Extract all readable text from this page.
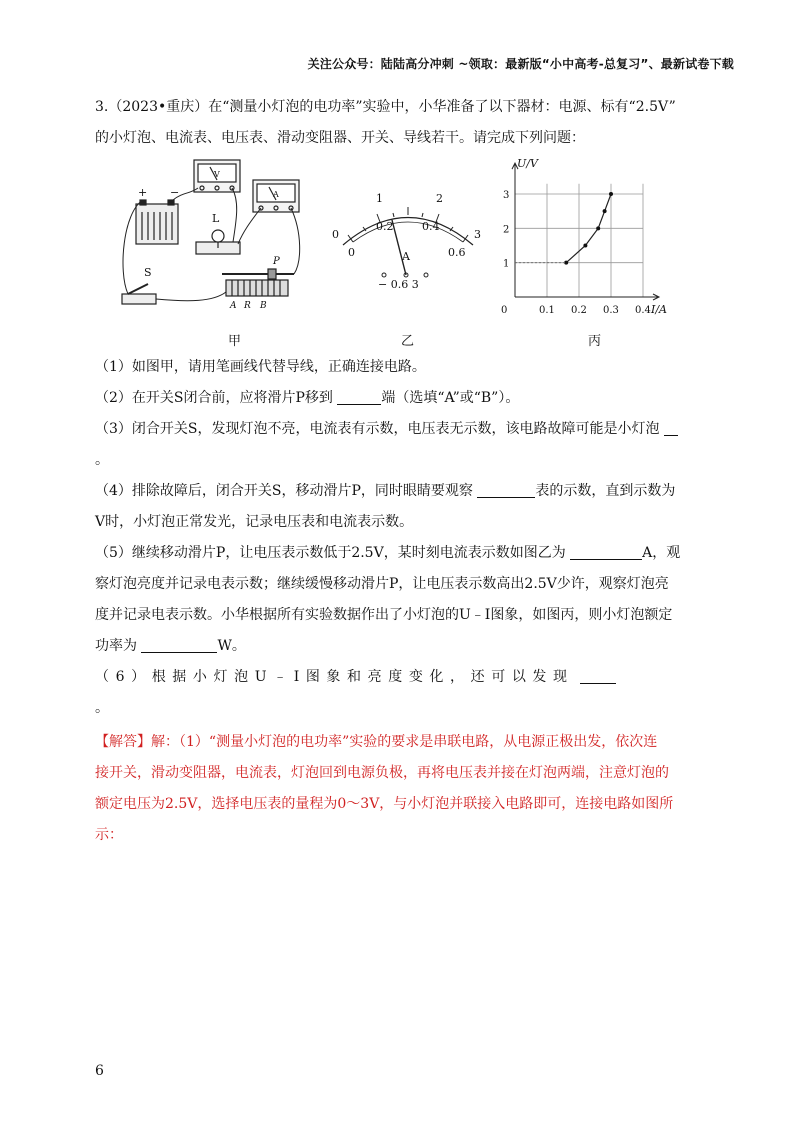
关注公众号：陆陆高分冲刺 ~领取：最新版“小中高考-总复习”、最新试卷下载
3.（2023•重庆）在“测量小灯泡的电功率”实验中，小华准备了以下器材：电源、标有“2.5V”
的小灯泡、电流表、电压表、滑动变阻器、开关、导线若干。请完成下列问题：
+ −
V
A
L
P
A R B
S
0
1	2
3
0
0.2	0.4
0.6
A
− 0.6 3
0	0.1 0.2 0.3 0.4
1
2
3
U/V
I/A
甲	乙	丙
（1）如图甲，请用笔画线代替导线，正确连接电路。
（2）在开关S闭合前，应将滑片P移到	端（选填“A”或“B”）。
（3）闭合开关S，发现灯泡不亮，电流表有示数，电压表无示数，该电路故障可能是小灯泡
。
（4）排除故障后，闭合开关S，移动滑片P，同时眼睛要观察	表的示数，直到示数为
V时，小灯泡正常发光，记录电压表和电流表示数。
（5）继续移动滑片P，让电压表示数低于2.5V，某时刻电流表示数如图乙为	A，观
察灯泡亮度并记录电表示数；继续缓慢移动滑片P，让电压表示数高出2.5V少许，观察灯泡亮
度并记录电表示数。小华根据所有实验数据作出了小灯泡的U﹣I图象，如图丙，则小灯泡额定
功率为	W。
（6）根据小灯泡U﹣I图象和亮度变化，还可以发现
。
【解答】解：（1）“测量小灯泡的电功率”实验的要求是串联电路，从电源正极出发，依次连
接开关，滑动变阻器，电流表，灯泡回到电源负极，再将电压表并接在灯泡两端，注意灯泡的
额定电压为2.5V，选择电压表的量程为0～3V，与小灯泡并联接入电路即可，连接电路如图所
示：
6
